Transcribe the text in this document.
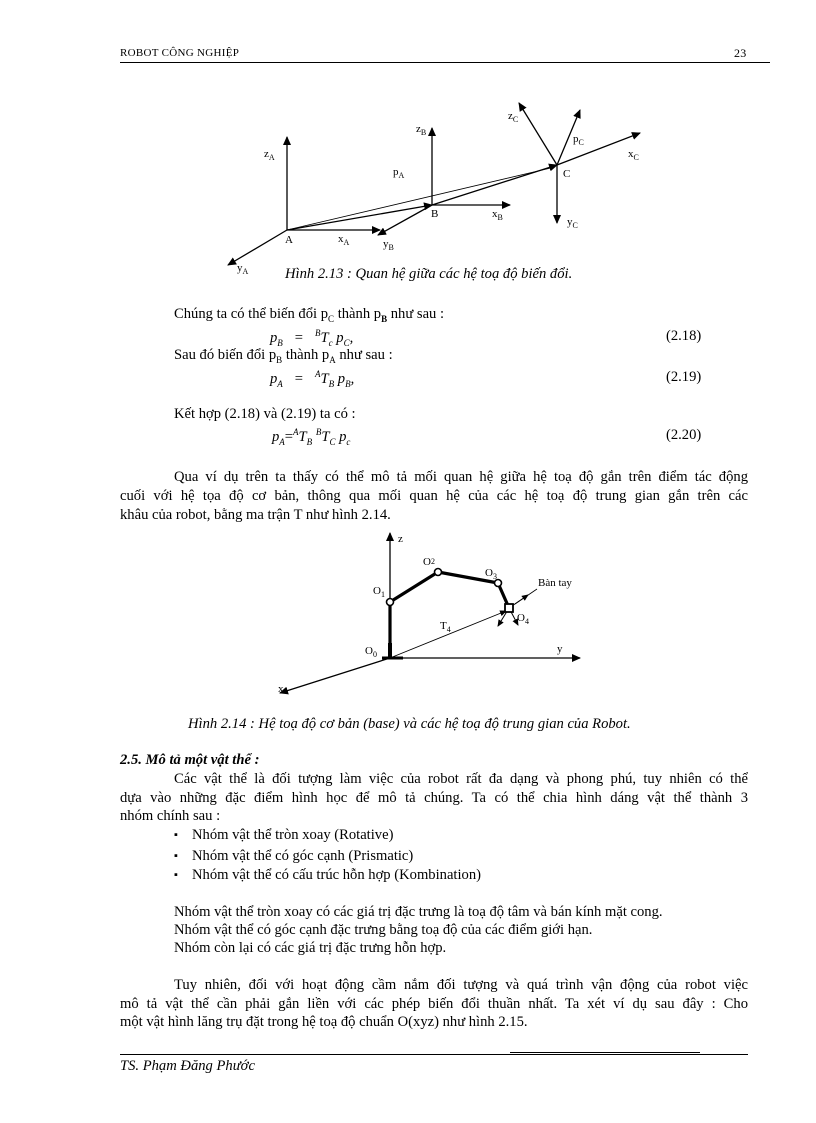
ROBOT CÔNG NGHIỆP	23
$z_A$
$z_B$
$z_C$
$p_A$
$p_C$
$x_C$
C
B
A
$x_B$	$y_C$
$x_A$	$y_B$
$y_A$	Hình 2.13 : Quan hệ giữa các hệ toạ độ biến đổi.
Chúng ta có thể biến đổi $p_C$ thành $p_B$ như sau :
$p_B = ^BT_c$ $p_C$,	(2.18)
Sau đó biến đổi $p_B$ thành $p_A$ như sau :
$p_A = ^AT_B$ $p_B$,	(2.19)
Kết hợp (2.18) và (2.19) ta có :
$p_A=^AT_B$ $^BT_C$ $p_c$	(2.20)
Qua ví dụ trên ta thấy có thể mô tả mối quan hệ giữa hệ toạ độ gắn trên điểm tác động
cuối với hệ tọa độ cơ bản, thông qua mối quan hệ của các hệ toạ độ trung gian gắn trên các
khâu của robot, bằng ma trận T như hình 2.14.
z
y
x
$O_1$
O2
$O_3$
$O_4$
$O_0$
$T_4$
Bàn tay
Hình 2.14 : Hệ toạ độ cơ bản (base) và các hệ toạ độ trung gian của Robot.
2.5. Mô tả một vật thể :
Các vật thể là đối tượng làm việc của robot rất đa dạng và phong phú, tuy nhiên có thể
dựa vào những đặc điểm hình học để mô tả chúng. Ta có thể chia hình dáng vật thể thành 3
nhóm chính sau :
▪ Nhóm vật thể tròn xoay (Rotative)
▪ Nhóm vật thể có góc cạnh (Prismatic)
▪ Nhóm vật thể có cấu trúc hỗn hợp (Kombination)
Nhóm vật thể tròn xoay có các giá trị đặc trưng là toạ độ tâm và bán kính mặt cong.
Nhóm vật thể có góc cạnh đặc trưng bằng toạ độ của các điểm giới hạn.
Nhóm còn lại có các giá trị đặc trưng hỗn hợp.
Tuy nhiên, đối với hoạt động cầm nắm đối tượng và quá trình vận động của robot việc
mô tả vật thể cần phải gắn liền với các phép biến đổi thuần nhất. Ta xét ví dụ sau đây : Cho
một vật hình lăng trụ đặt trong hệ toạ độ chuẩn O(xyz) như hình 2.15.
TS. Phạm Đăng Phước
